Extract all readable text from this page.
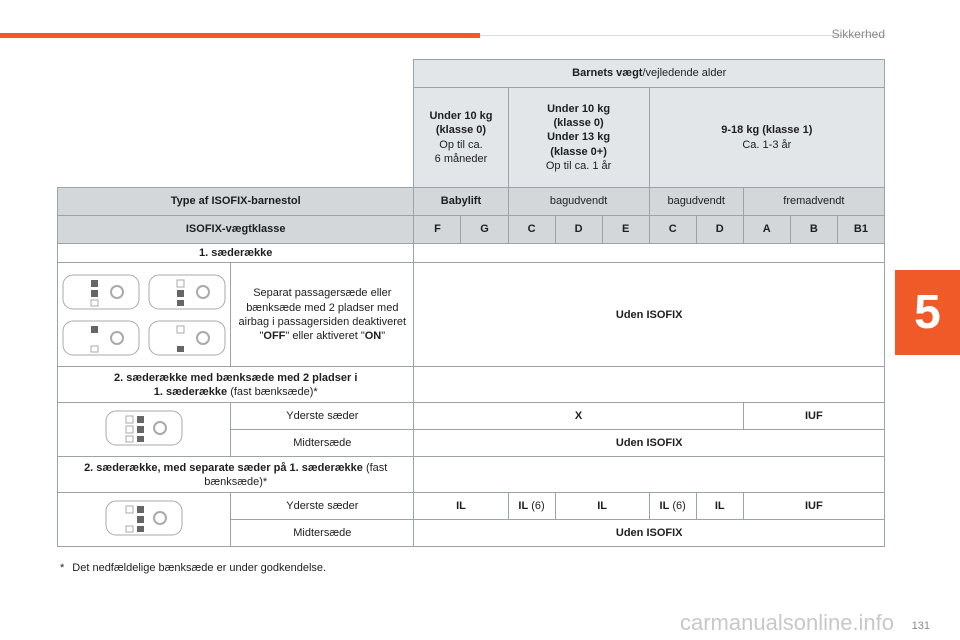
Sikkerhed
5
		Barnets vægt/vejledende alder									
		Under 10 kg
(klasse 0)
Op til ca.
6 måneder		Under 10 kg
(klasse 0)
Under 13 kg
(klasse 0+)
Op til ca. 1 år			9-18 kg (klasse 1)
Ca. 1-3 år				
Type af ISOFIX-barnestol		Babylift		bagudvendt			bagudvendt		fremadvendt		
ISOFIX-vægtklasse		F	G	C	D	E	C	D	A	B	B1
1. sæderække											

	Separat passagersæde eller bænksæde med 2 pladser med airbag i passagersiden deaktiveret "OFF" eller aktiveret "ON"	Uden ISOFIX									
2. sæderække med bænksæde med 2 pladser i
1. sæderække (fast bænksæde)*											
	Yderste sæder	X							IUF		
	Midtersæde	Uden ISOFIX									
2. sæderække, med separate sæder på 1. sæderække (fast bænksæde)*											
	Yderste sæder	IL		IL (6)	IL		IL (6)	IL	IUF		
	Midtersæde	Uden ISOFIX									
* Det nedfældelige bænksæde er under godkendelse.
carmanualsonline.info 131
